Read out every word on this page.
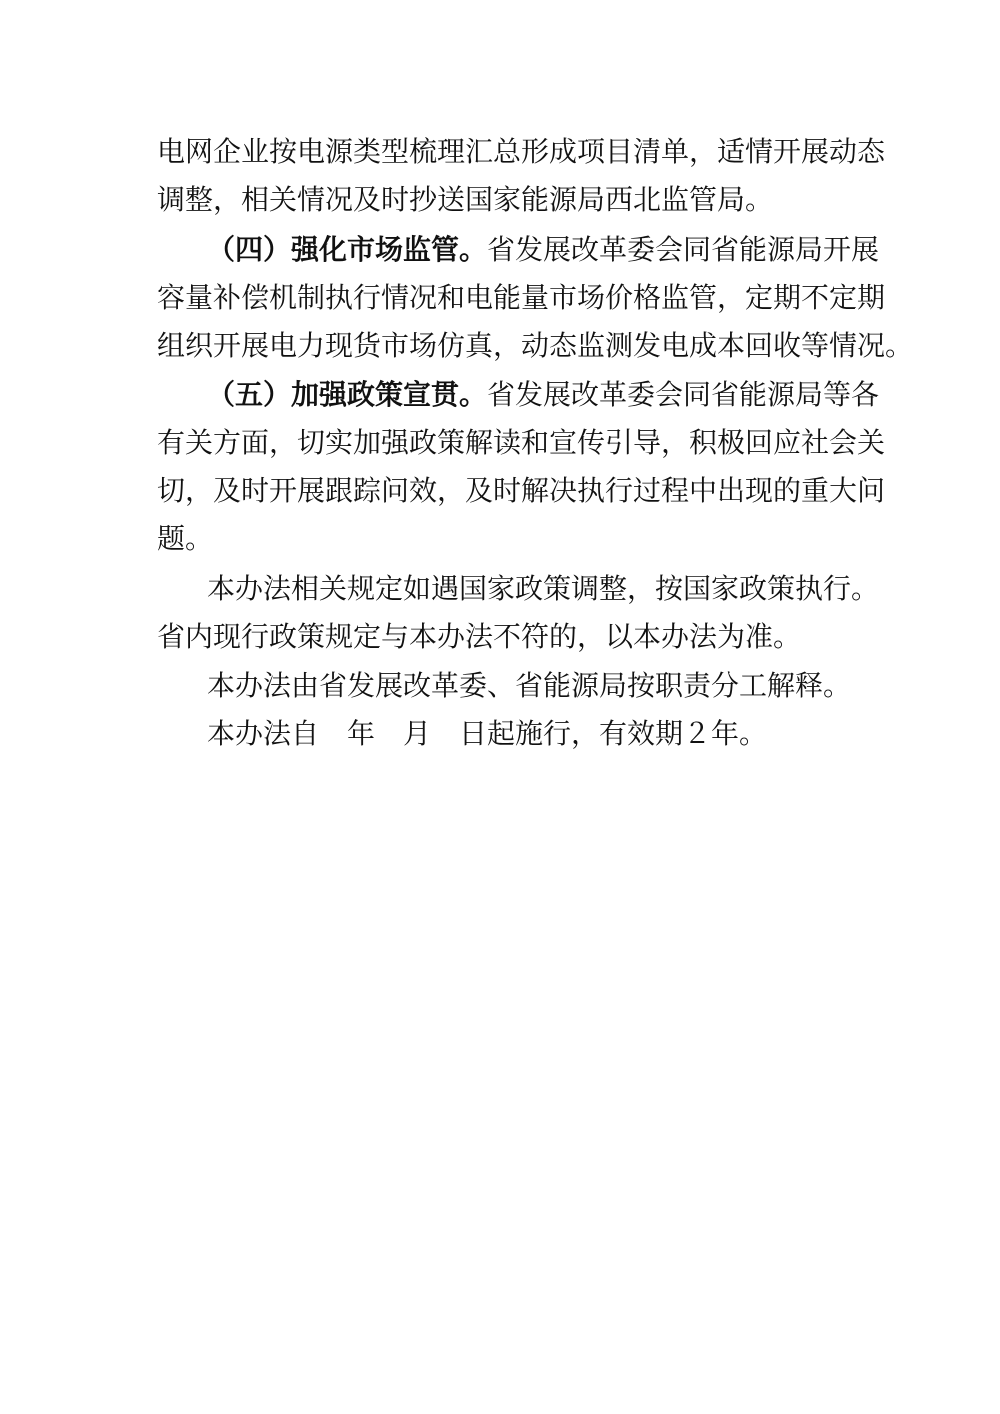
电网企业按电源类型梳理汇总形成项目清单，适情开展动态
调整，相关情况及时抄送国家能源局西北监管局。
（四）强化市场监管。省发展改革委会同省能源局开展
容量补偿机制执行情况和电能量市场价格监管，定期不定期
组织开展电力现货市场仿真，动态监测发电成本回收等情况。
（五）加强政策宣贯。省发展改革委会同省能源局等各
有关方面，切实加强政策解读和宣传引导，积极回应社会关
切，及时开展跟踪问效，及时解决执行过程中出现的重大问
题。
本办法相关规定如遇国家政策调整，按国家政策执行。
省内现行政策规定与本办法不符的，以本办法为准。
本办法由省发展改革委、省能源局按职责分工解释。
本办法自　年　月　日起施行，有效期２年。
